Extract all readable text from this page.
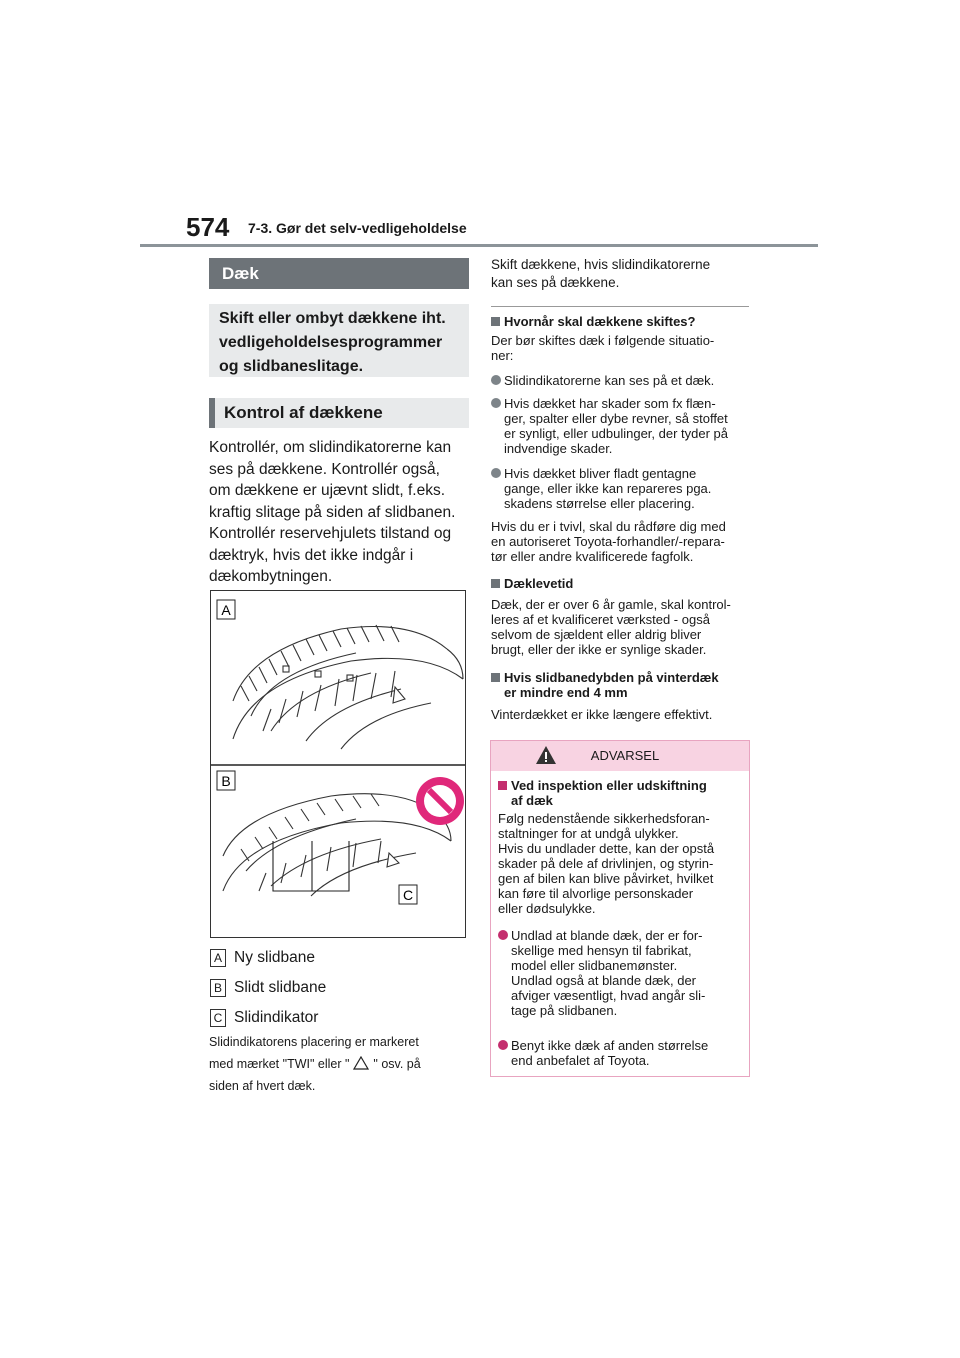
574 7-3. Gør det selv-vedligeholdelse
Dæk
Skift eller ombyt dækkene iht.
vedligeholdelsesprogrammer
og slidbaneslitage.
Kontrol af dækkene
Kontrollér, om slidindikatorerne kan
ses på dækkene. Kontrollér også,
om dækkene er ujævnt slidt, f.eks.
kraftig slitage på siden af slidbanen.
Kontrollér reservehjulets tilstand og
dæktryk, hvis det ikke indgår i
dækombytningen.
A
B
C
A Ny slidbane
B Slidt slidbane
C Slidindikator
Slidindikatorens placering er markeret
med mærket "TWI" eller " " osv. på
siden af hvert dæk.
Skift dækkene, hvis slidindikatorerne
kan ses på dækkene.
Hvornår skal dækkene skiftes?
Der bør skiftes dæk i følgende situatio-
ner:
Slidindikatorerne kan ses på et dæk.
Hvis dækket har skader som fx flæn-
ger, spalter eller dybe revner, så stoffet
er synligt, eller udbulinger, der tyder på
indvendige skader.
Hvis dækket bliver fladt gentagne
gange, eller ikke kan repareres pga.
skadens størrelse eller placering.
Hvis du er i tvivl, skal du rådføre dig med
en autoriseret Toyota-forhandler/-repara-
tør eller andre kvalificerede fagfolk.
Dæklevetid
Dæk, der er over 6 år gamle, skal kontrol-
leres af et kvalificeret værksted - også
selvom de sjældent eller aldrig bliver
brugt, eller der ikke er synlige skader.
Hvis slidbanedybden på vinterdæk
er mindre end 4 mm
Vinterdækket er ikke længere effektivt.
ADVARSEL
Ved inspektion eller udskiftning
af dæk
Følg nedenstående sikkerhedsforan-
staltninger for at undgå ulykker.
Hvis du undlader dette, kan der opstå
skader på dele af drivlinjen, og styrin-
gen af bilen kan blive påvirket, hvilket
kan føre til alvorlige personskader
eller dødsulykke.
Undlad at blande dæk, der er for-
skellige med hensyn til fabrikat,
model eller slidbanemønster.
Undlad også at blande dæk, der
afviger væsentligt, hvad angår sli-
tage på slidbanen.
Benyt ikke dæk af anden størrelse
end anbefalet af Toyota.
